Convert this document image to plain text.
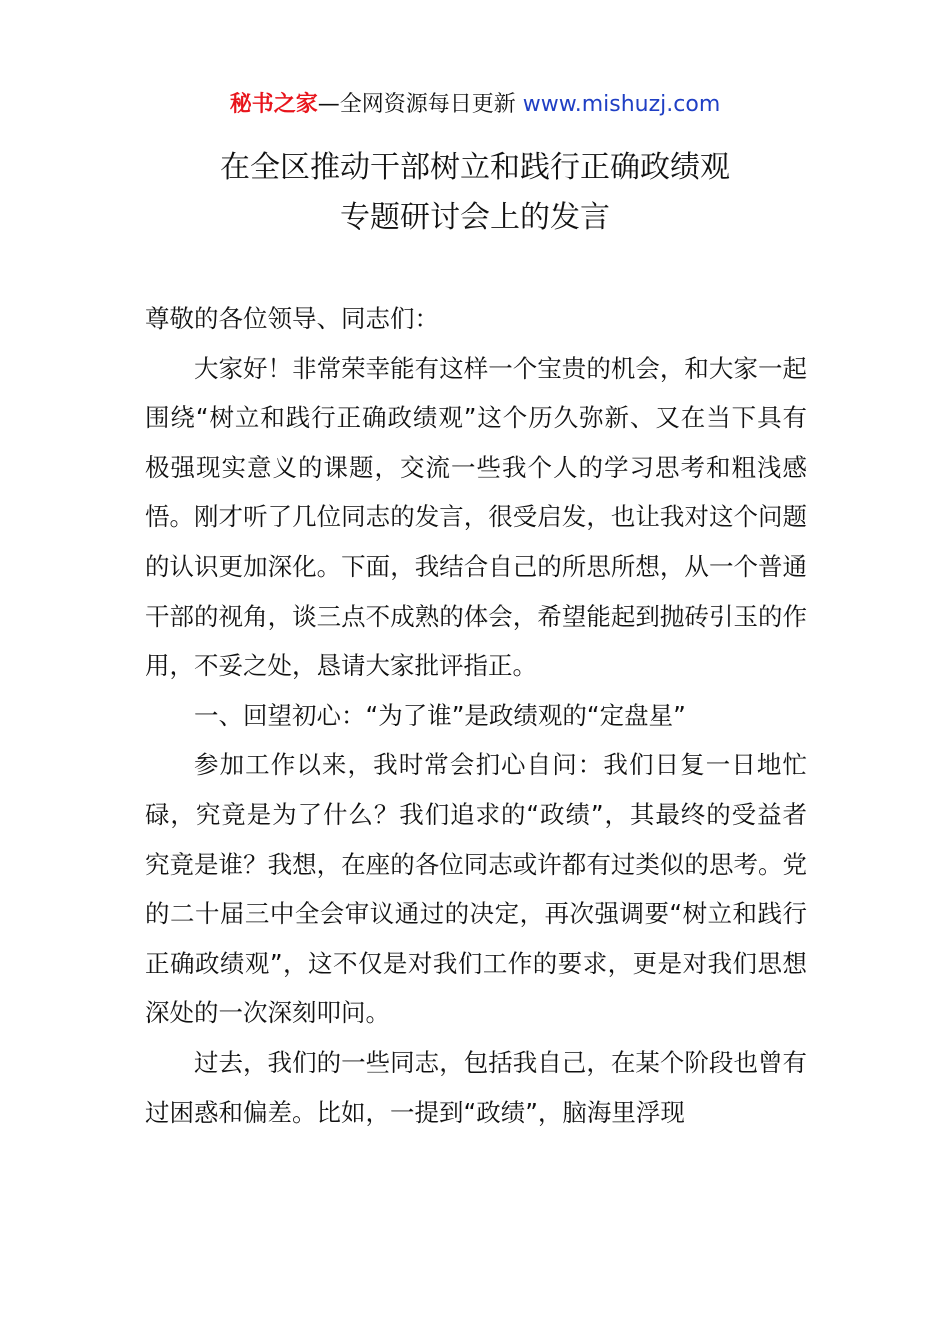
秘书之家—全网资源每日更新 www.mishuzj.com
在全区推动干部树立和践行正确政绩观
专题研讨会上的发言

尊敬的各位领导、同志们：

大家好！非常荣幸能有这样一个宝贵的机会，和大家一起围绕“树立和践行正确政绩观”这个历久弥新、又在当下具有极强现实意义的课题，交流一些我个人的学习思考和粗浅感悟。刚才听了几位同志的发言，很受启发，也让我对这个问题的认识更加深化。下面，我结合自己的所思所想，从一个普通干部的视角，谈三点不成熟的体会，希望能起到抛砖引玉的作用，不妥之处，恳请大家批评指正。

一、回望初心：“为了谁”是政绩观的“定盘星”

参加工作以来，我时常会扪心自问：我们日复一日地忙碌，究竟是为了什么？我们追求的“政绩”，其最终的受益者究竟是谁？我想，在座的各位同志或许都有过类似的思考。党的二十届三中全会审议通过的决定，再次强调要“树立和践行正确政绩观”，这不仅是对我们工作的要求，更是对我们思想深处的一次深刻叩问。

过去，我们的一些同志，包括我自己，在某个阶段也曾有过困惑和偏差。比如，一提到“政绩”，脑海里浮现
